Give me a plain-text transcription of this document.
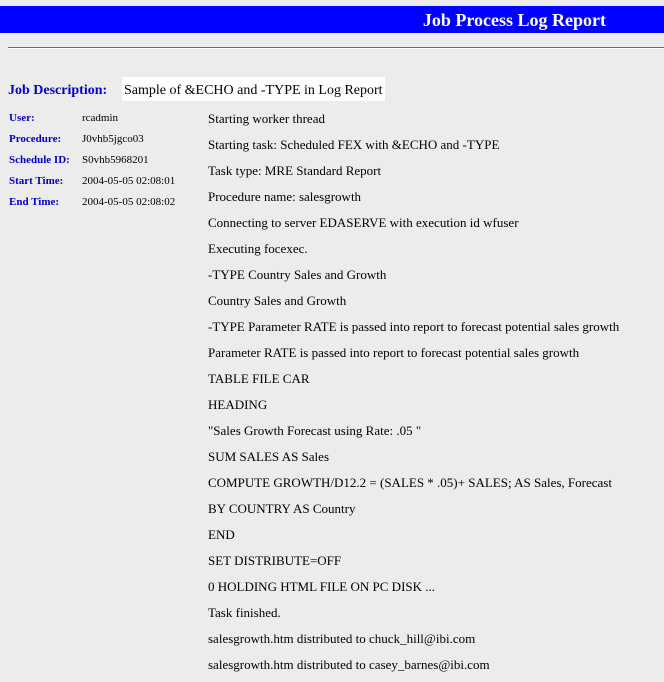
Job Process Log Report
Job Description: Sample of &ECHO and -TYPE in Log Report
User:	rcadmin
Procedure: J0vhb5jgco03
Schedule ID: S0vhb5968201
Start Time: 2004-05-05 02:08:01
End Time: 2004-05-05 02:08:02
Starting worker thread
Starting task: Scheduled FEX with &ECHO and -TYPE
Task type: MRE Standard Report
Procedure name: salesgrowth
Connecting to server EDASERVE with execution id wfuser
Executing focexec.
-TYPE Country Sales and Growth
Country Sales and Growth
-TYPE Parameter RATE is passed into report to forecast potential sales growth
Parameter RATE is passed into report to forecast potential sales growth
TABLE FILE CAR
HEADING
"Sales Growth Forecast using Rate: .05 "
SUM SALES AS Sales
COMPUTE GROWTH/D12.2 = (SALES * .05)+ SALES; AS Sales, Forecast
BY COUNTRY AS Country
END
SET DISTRIBUTE=OFF
0 HOLDING HTML FILE ON PC DISK ...
Task finished.
salesgrowth.htm distributed to chuck_hill@ibi.com
salesgrowth.htm distributed to casey_barnes@ibi.com
